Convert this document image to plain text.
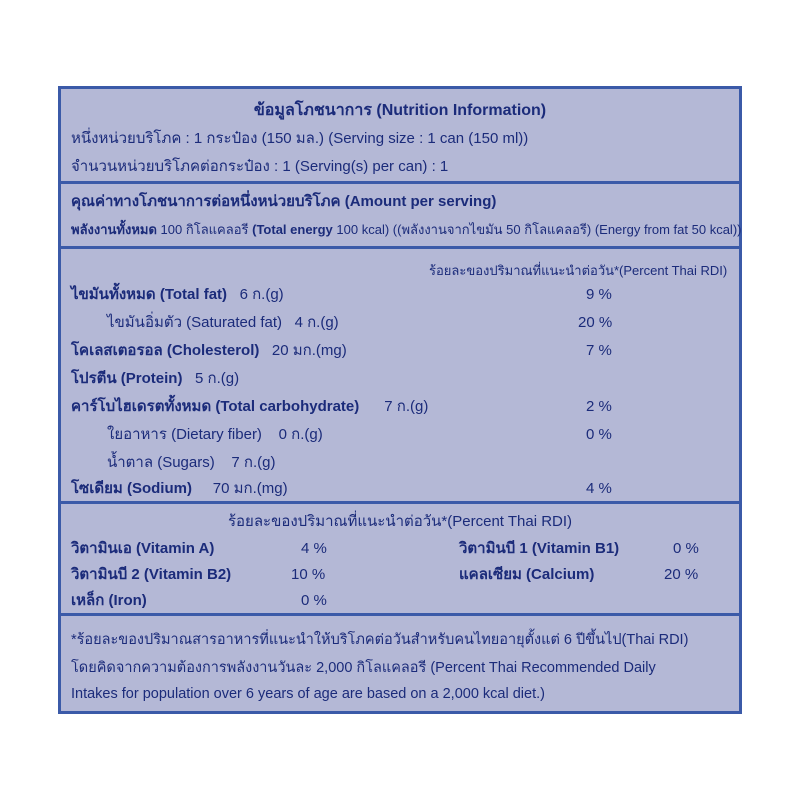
ข้อมูลโภชนาการ (Nutrition Information)
หนึ่งหน่วยบริโภค : 1 กระป๋อง (150 มล.) (Serving size : 1 can (150 ml))
จำนวนหน่วยบริโภคต่อกระป๋อง : 1 (Serving(s) per can) : 1
คุณค่าทางโภชนาการต่อหนึ่งหน่วยบริโภค (Amount per serving)
พลังงานทั้งหมด 100 กิโลแคลอรี (Total energy 100 kcal) ((พลังงานจากไขมัน 50 กิโลแคลอรี) (Energy from fat 50 kcal))
ร้อยละของปริมาณที่แนะนำต่อวัน*(Percent Thai RDI)
ไขมันทั้งหมด (Total fat) 6 ก.(g)	9 %
ไขมันอิ่มตัว (Saturated fat) 4 ก.(g)	20 %
โคเลสเตอรอล (Cholesterol) 20 มก.(mg)	7 %
โปรตีน (Protein) 5 ก.(g)
คาร์โบไฮเดรตทั้งหมด (Total carbohydrate) 7 ก.(g)	2 %
ใยอาหาร (Dietary fiber) 0 ก.(g)	0 %
น้ำตาล (Sugars) 7 ก.(g)
โซเดียม (Sodium) 70 มก.(mg)	4 %
ร้อยละของปริมาณที่แนะนำต่อวัน*(Percent Thai RDI)
วิตามินเอ (Vitamin A)	4 %	วิตามินบี 1 (Vitamin B1)	0 %
วิตามินบี 2 (Vitamin B2)	10 %	แคลเซียม (Calcium)	20 %
เหล็ก (Iron)	0 %
*ร้อยละของปริมาณสารอาหารที่แนะนำให้บริโภคต่อวันสำหรับคนไทยอายุตั้งแต่ 6 ปีขึ้นไป(Thai RDI)
โดยคิดจากความต้องการพลังงานวันละ 2,000 กิโลแคลอรี (Percent Thai Recommended Daily
Intakes for population over 6 years of age are based on a 2,000 kcal diet.)
